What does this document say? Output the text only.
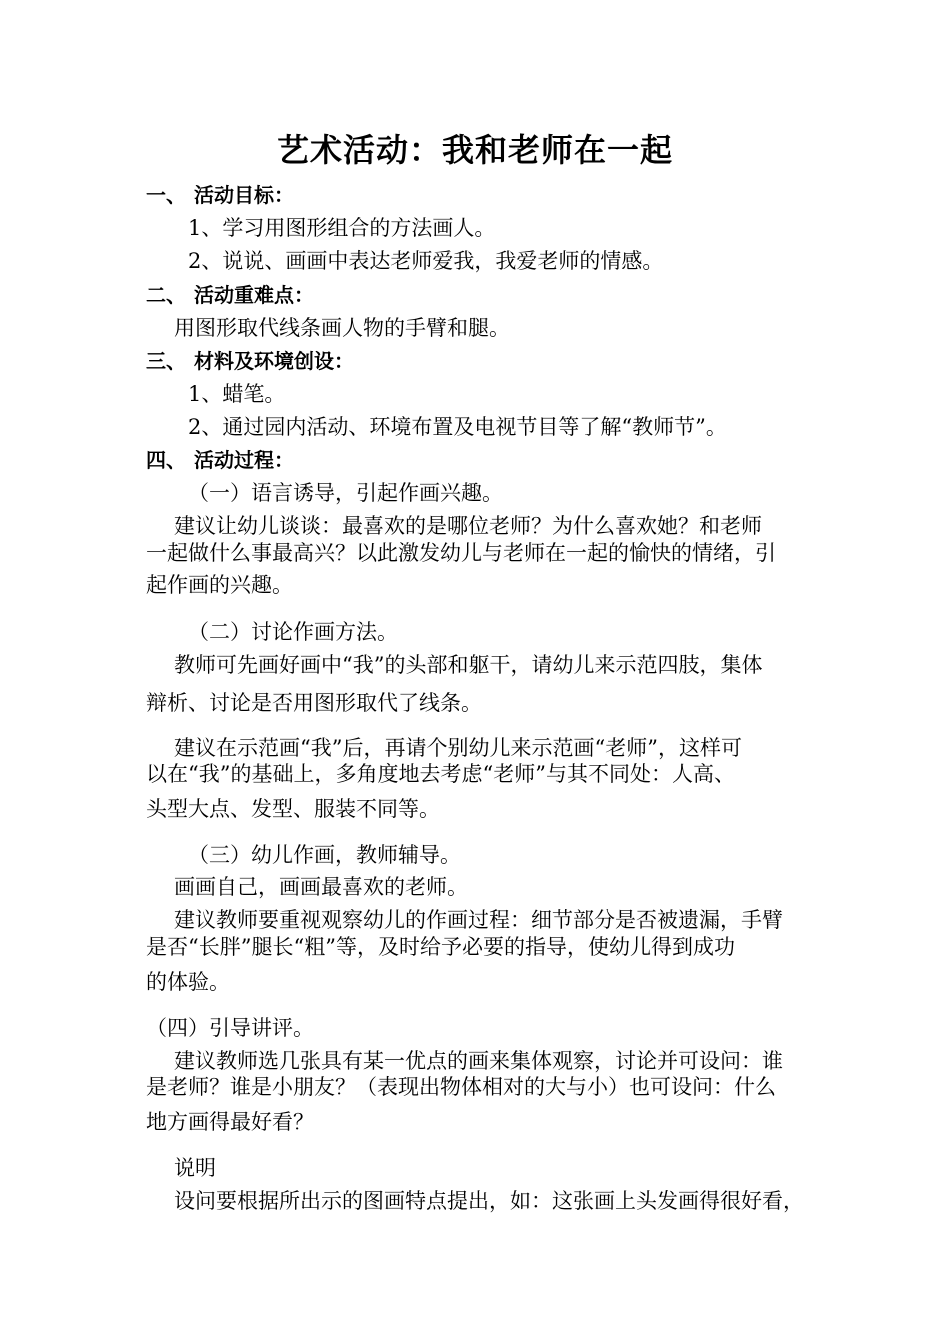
艺术活动：我和老师在一起
一、 活动目标：
1、学习用图形组合的方法画人。
2、说说、画画中表达老师爱我，我爱老师的情感。
二、 活动重难点：
用图形取代线条画人物的手臂和腿。
三、 材料及环境创设：
1、蜡笔。
2、通过园内活动、环境布置及电视节目等了解“教师节”。
四、 活动过程：
（一）语言诱导，引起作画兴趣。
建议让幼儿谈谈：最喜欢的是哪位老师？为什么喜欢她？和老师
一起做什么事最高兴？以此激发幼儿与老师在一起的愉快的情绪，引
起作画的兴趣。
（二）讨论作画方法。
教师可先画好画中“我”的头部和躯干，请幼儿来示范四肢，集体
辩析、讨论是否用图形取代了线条。
建议在示范画“我”后，再请个别幼儿来示范画“老师”，这样可
以在“我”的基础上，多角度地去考虑“老师”与其不同处：人高、
头型大点、发型、服装不同等。
（三）幼儿作画，教师辅导。
画画自己，画画最喜欢的老师。
建议教师要重视观察幼儿的作画过程：细节部分是否被遗漏，手臂
是否“长胖”腿长“粗”等，及时给予必要的指导，使幼儿得到成功
的体验。
（四）引导讲评。
建议教师选几张具有某一优点的画来集体观察，讨论并可设问：谁
是老师？谁是小朋友？（表现出物体相对的大与小）也可设问：什么
地方画得最好看？
说明
设问要根据所出示的图画特点提出，如：这张画上头发画得很好看，
